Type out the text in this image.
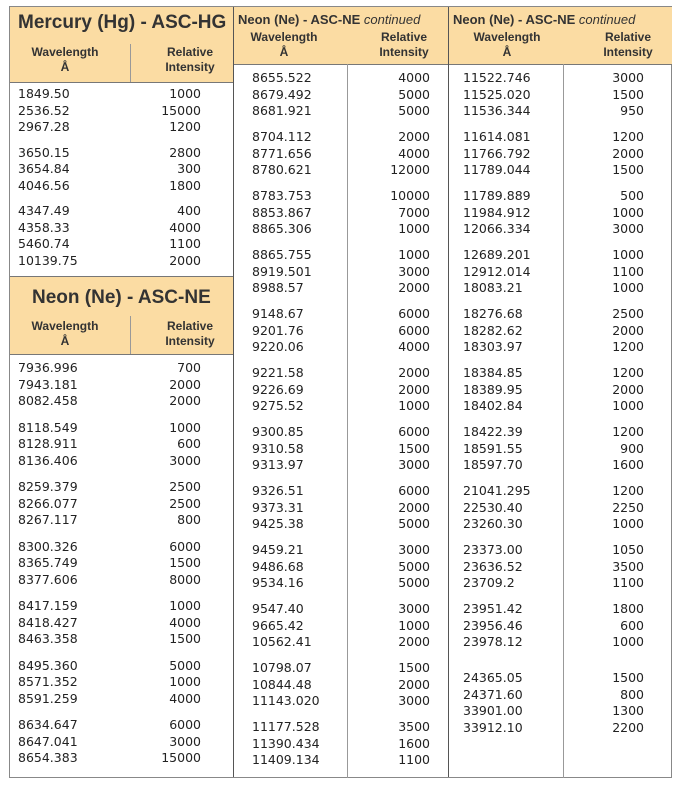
Mercury (Hg) - ASC-HG
Wavelength
Å
Relative
Intensity
1849.50	1000
2536.52	15000
2967.28	1200
3650.15	2800
3654.84	300
4046.56	1800
4347.49	400
4358.33	4000
5460.74	1100
10139.75	2000
Neon (Ne) - ASC-NE
Wavelength
Å
Relative
Intensity
7936.996	700
7943.181	2000
8082.458	2000
8118.549	1000
8128.911	600
8136.406	3000
8259.379	2500
8266.077	2500
8267.117	800
8300.326	6000
8365.749	1500
8377.606	8000
8417.159	1000
8418.427	4000
8463.358	1500
8495.360	5000
8571.352	1000
8591.259	4000
8634.647	6000
8647.041	3000
8654.383	15000
Neon (Ne) - ASC-NE continued
Wavelength
Å
Relative
Intensity
8655.522	4000
8679.492	5000
8681.921	5000
8704.112	2000
8771.656	4000
8780.621	12000
8783.753	10000
8853.867	7000
8865.306	1000
8865.755	1000
8919.501	3000
8988.57	2000
9148.67	6000
9201.76	6000
9220.06	4000
9221.58	2000
9226.69	2000
9275.52	1000
9300.85	6000
9310.58	1500
9313.97	3000
9326.51	6000
9373.31	2000
9425.38	5000
9459.21	3000
9486.68	5000
9534.16	5000
9547.40	3000
9665.42	1000
10562.41	2000
10798.07	1500
10844.48	2000
11143.020	3000
11177.528	3500
11390.434	1600
11409.134	1100
Neon (Ne) - ASC-NE continued
Wavelength
Å
Relative
Intensity
11522.746	3000
11525.020	1500
11536.344	950
11614.081	1200
11766.792	2000
11789.044	1500
11789.889	500
11984.912	1000
12066.334	3000
12689.201	1000
12912.014	1100
18083.21	1000
18276.68	2500
18282.62	2000
18303.97	1200
18384.85	1200
18389.95	2000
18402.84	1000
18422.39	1200
18591.55	900
18597.70	1600
21041.295	1200
22530.40	2250
23260.30	1000
23373.00	1050
23636.52	3500
23709.2	1100
23951.42	1800
23956.46	600
23978.12	1000
24365.05	1500
24371.60	800
33901.00	1300
33912.10	2200
